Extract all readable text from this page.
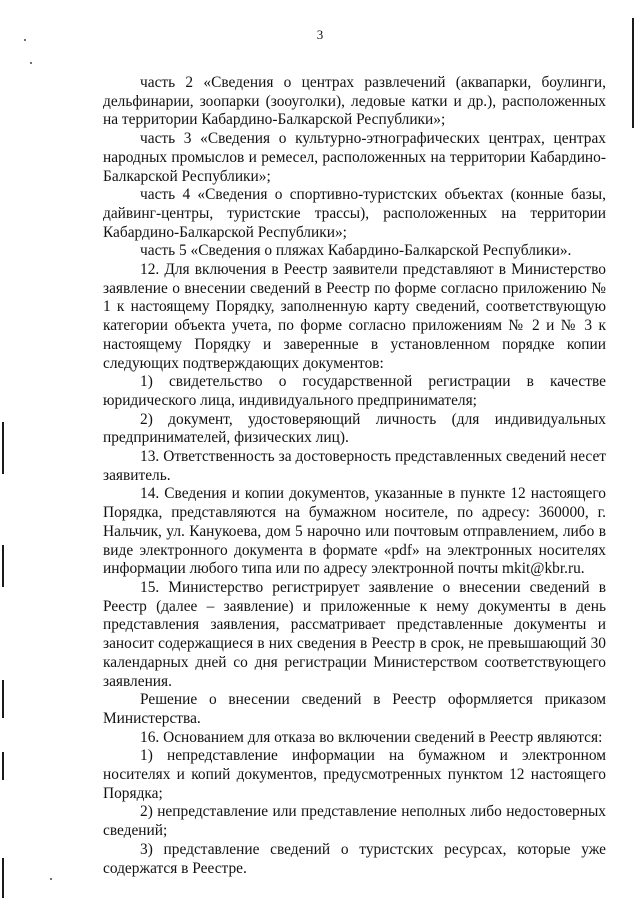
3

часть 2 «Сведения о центрах развлечений (аквапарки, боулинги, дельфинарии, зоопарки (зооуголки), ледовые катки и др.), расположенных на территории Кабардино-Балкарской Республики»;

часть 3 «Сведения о культурно-этнографических центрах, центрах народных промыслов и ремесел, расположенных на территории Кабардино-Балкарской Республики»;

часть 4 «Сведения о спортивно-туристских объектах (конные базы, дайвинг-центры, туристские трассы), расположенных на территории Кабардино-Балкарской Республики»;

часть 5 «Сведения о пляжах Кабардино-Балкарской Республики».

12. Для включения в Реестр заявители представляют в Министерство заявление о внесении сведений в Реестр по форме согласно приложению № 1 к настоящему Порядку, заполненную карту сведений, соответствующую категории объекта учета, по форме согласно приложениям № 2 и № 3 к настоящему Порядку и заверенные в установленном порядке копии следующих подтверждающих документов:

1) свидетельство о государственной регистрации в качестве юридического лица, индивидуального предпринимателя;

2) документ, удостоверяющий личность (для индивидуальных предпринимателей, физических лиц).

13. Ответственность за достоверность представленных сведений несет заявитель.

14. Сведения и копии документов, указанные в пункте 12 настоящего Порядка, представляются на бумажном носителе, по адресу: 360000, г. Нальчик, ул. Канукоева, дом 5 нарочно или почтовым отправлением, либо в виде электронного документа в формате «pdf» на электронных носителях информации любого типа или по адресу электронной почты mkit@kbr.ru.

15. Министерство регистрирует заявление о внесении сведений в Реестр (далее – заявление) и приложенные к нему документы в день представления заявления, рассматривает представленные документы и заносит содержащиеся в них сведения в Реестр в срок, не превышающий 30 календарных дней со дня регистрации Министерством соответствующего заявления.

Решение о внесении сведений в Реестр оформляется приказом Министерства.

16. Основанием для отказа во включении сведений в Реестр являются:

1) непредставление информации на бумажном и электронном носителях и копий документов, предусмотренных пунктом 12 настоящего Порядка;

2) непредставление или представление неполных либо недостоверных сведений;

3) представление сведений о туристских ресурсах, которые уже содержатся в Реестре.
